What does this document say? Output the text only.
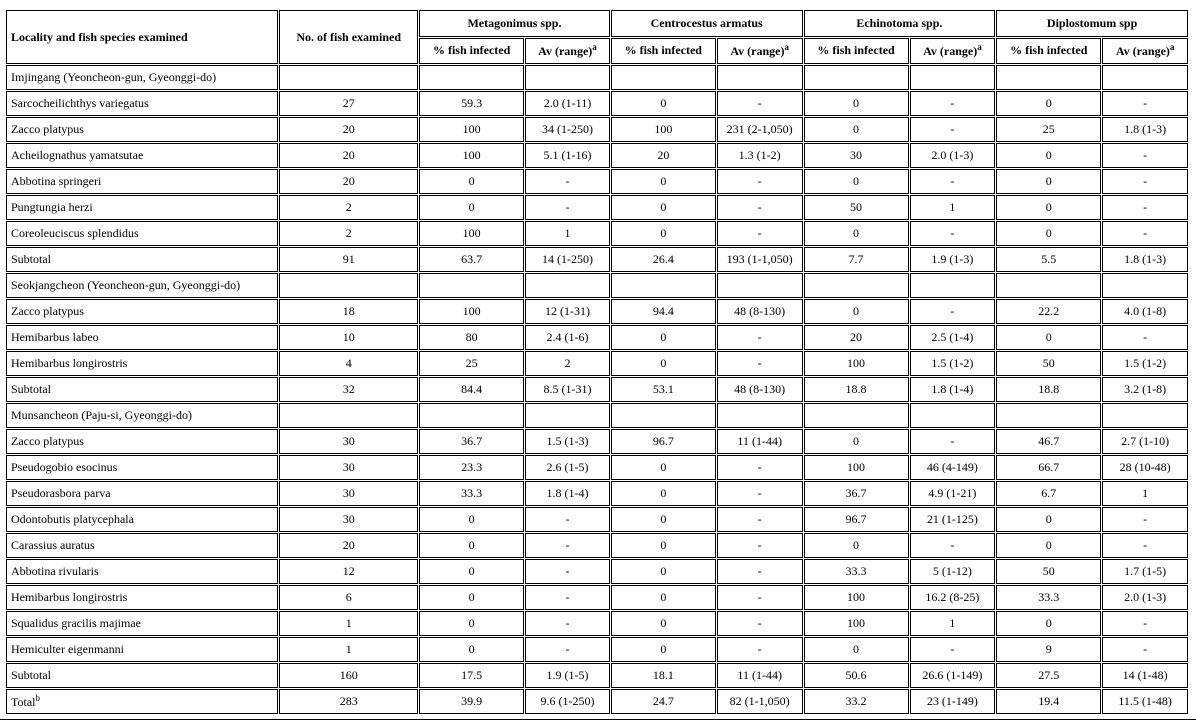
Locality and fish species examined	No. of fish examined	Metagonimus spp.		Centrocestus armatus		Echinotoma spp.		Diplostomum spp	
		% fish infected	Av (range)$^a$	% fish infected	Av (range)$^a$	% fish infected	Av (range)$^a$	% fish infected	Av (range)$^a$
Imjingang (Yeoncheon-gun, Gyeonggi-do)									
Sarcocheilichthys variegatus	27	59.3	2.0 (1-11)	0	-	0	-	0	-
Zacco platypus	20	100	34 (1-250)	100	231 (2-1,050)	0	-	25	1.8 (1-3)
Acheilognathus yamatsutae	20	100	5.1 (1-16)	20	1.3 (1-2)	30	2.0 (1-3)	0	-
Abbotina springeri	20	0	-	0	-	0	-	0	-
Pungtungia herzi	2	0	-	0	-	50	1	0	-
Coreoleuciscus splendidus	2	100	1	0	-	0	-	0	-
Subtotal	91	63.7	14 (1-250)	26.4	193 (1-1,050)	7.7	1.9 (1-3)	5.5	1.8 (1-3)
Seokjangcheon (Yeoncheon-gun, Gyeonggi-do)									
Zacco platypus	18	100	12 (1-31)	94.4	48 (8-130)	0	-	22.2	4.0 (1-8)
Hemibarbus labeo	10	80	2.4 (1-6)	0	-	20	2.5 (1-4)	0	-
Hemibarbus longirostris	4	25	2	0	-	100	1.5 (1-2)	50	1.5 (1-2)
Subtotal	32	84.4	8.5 (1-31)	53.1	48 (8-130)	18.8	1.8 (1-4)	18.8	3.2 (1-8)
Munsancheon (Paju-si, Gyeonggi-do)									
Zacco platypus	30	36.7	1.5 (1-3)	96.7	11 (1-44)	0	-	46.7	2.7 (1-10)
Pseudogobio esocinus	30	23.3	2.6 (1-5)	0	-	100	46 (4-149)	66.7	28 (10-48)
Pseudorasbora parva	30	33.3	1.8 (1-4)	0	-	36.7	4.9 (1-21)	6.7	1
Odontobutis platycephala	30	0	-	0	-	96.7	21 (1-125)	0	-
Carassius auratus	20	0	-	0	-	0	-	0	-
Abbotina rivularis	12	0	-	0	-	33.3	5 (1-12)	50	1.7 (1-5)
Hemibarbus longirostris	6	0	-	0	-	100	16.2 (8-25)	33.3	2.0 (1-3)
Squalidus gracilis majimae	1	0	-	0	-	100	1	0	-
Hemiculter eigenmanni	1	0	-	0	-	0	-	9	-
Subtotal	160	17.5	1.9 (1-5)	18.1	11 (1-44)	50.6	26.6 (1-149)	27.5	14 (1-48)
Total$^b$	283	39.9	9.6 (1-250)	24.7	82 (1-1,050)	33.2	23 (1-149)	19.4	11.5 (1-48)
